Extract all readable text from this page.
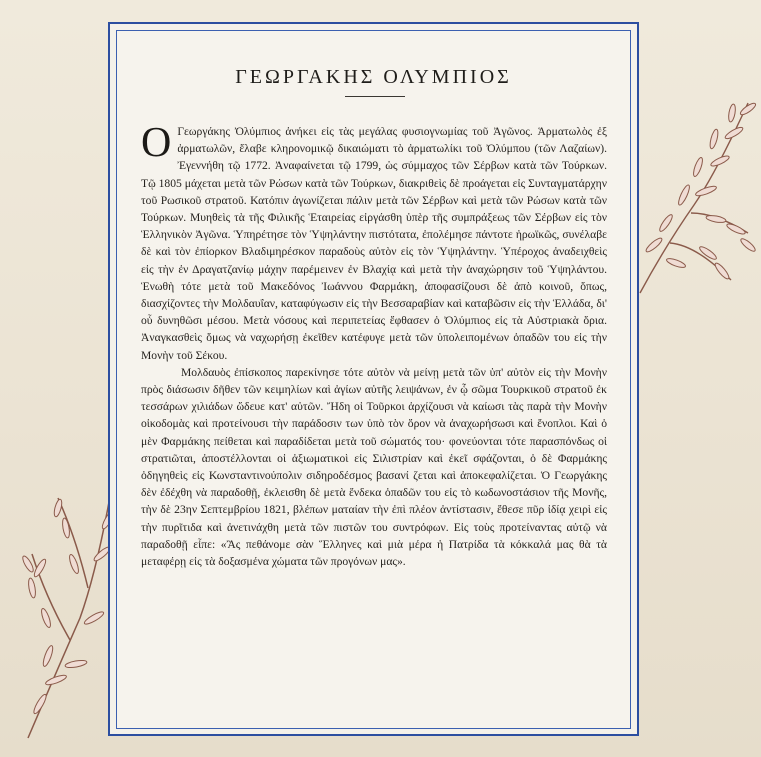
ΓΕΩΡΓΑΚΗΣ ΟΛΥΜΠΙΟΣ

Ο Γεωργάκης Ὀλύμπιος ἀνήκει εἰς τὰς μεγάλας φυσιογνωμίας τοῦ Ἀγῶνος. Ἁρματωλὸς ἐξ ἁρματωλῶν, ἔλαβε κληρονομικῷ δικαιώματι τὸ ἁρματωλίκι τοῦ Ὀλύμπου (τῶν Λαζαίων). Ἐγεννήθη τῷ 1772. Ἀναφαίνεται τῷ 1799, ὡς σύμμαχος τῶν Σέρβων κατὰ τῶν Τούρκων. Τῷ 1805 μάχεται μετὰ τῶν Ρώσων κατὰ τῶν Τούρκων, διακριθεὶς δὲ προάγεται εἰς Συνταγματάρχην τοῦ Ρωσικοῦ στρατοῦ. Κατόπιν ἀγωνίζεται πάλιν μετὰ τῶν Σέρβων καὶ μετὰ τῶν Ρώσων κατὰ τῶν Τούρκων. Μυηθεὶς τὰ τῆς Φιλικῆς Ἑταιρείας εἰργάσθη ὑπὲρ τῆς συμπράξεως τῶν Σέρβων εἰς τὸν Ἑλληνικὸν Ἀγῶνα. Ὑπηρέτησε τὸν Ὑψηλάντην πιστότατα, ἐπολέμησε πάντοτε ἡρωϊκῶς, συνέλαβε δὲ καὶ τὸν ἐπίορκον Βλαδιμηρέσκον παραδοὺς αὐτὸν εἰς τὸν Ὑψηλάντην. Ὑπέροχος ἀναδειχθεὶς εἰς τὴν ἐν Δραγατζανίῳ μάχην παρέμεινεν ἐν Βλαχίᾳ καὶ μετὰ τὴν ἀναχώρησιν τοῦ Ὑψηλάντου. Ἑνωθὴ τότε μετὰ τοῦ Μακεδόνος Ἰωάννου Φαρμάκη, ἀποφασίζουσι δὲ ἀπὸ κοινοῦ, ὅπως, διασχίζοντες τὴν Μολδαυΐαν, καταφύγωσιν εἰς τὴν Βεσσαραβίαν καὶ καταβῶσιν εἰς τὴν Ἑλλάδα, δι' οὗ δυνηθῶσι μέσου. Μετὰ νόσους καὶ περιπετείας ἔφθασεν ὁ Ὀλύμπιος εἰς τὰ Αὐστριακὰ ὅρια. Ἀναγκασθεὶς ὅμως νὰ ναχωρήσῃ ἐκεῖθεν κατέφυγε μετὰ τῶν ὑπολειπομένων ὀπαδῶν του εἰς τὴν Μονὴν τοῦ Σέκου.

Μολδαυὸς ἐπίσκοπος παρεκίνησε τότε αὐτὸν νὰ μείνῃ μετὰ τῶν ὑπ' αὐτὸν εἰς τὴν Μονὴν πρὸς διάσωσιν δῆθεν τῶν κειμηλίων καὶ ἁγίων αὐτῆς λειψάνων, ἐν ᾧ σῶμα Τουρκικοῦ στρατοῦ ἐκ τεσσάρων χιλιάδων ὥδευε κατ' αὐτῶν. Ἤδη οἱ Τοῦρκοι ἀρχίζουσι νὰ καίωσι τὰς παρὰ τὴν Μονὴν οἰκοδομὰς καὶ προτείνουσι τὴν παράδοσιν των ὑπὸ τὸν ὅρον νὰ ἀναχωρήσωσι καὶ ἔνοπλοι. Καὶ ὁ μὲν Φαρμάκης πείθεται καὶ παραδίδεται μετὰ τοῦ σώματός του· φονεύονται τότε παρασπόνδως οἱ στρατιῶται, ἀποστέλλονται οἱ ἀξιωματικοὶ εἰς Σιλιστρίαν καὶ ἐκεῖ σφάζονται, ὁ δὲ Φαρμάκης ὁδηγηθεὶς εἰς Κωνσταντινούπολιν σιδηροδέσμος βασανί ζεται καὶ ἀποκεφαλίζεται. Ὁ Γεωργάκης δὲν ἐδέχθη νὰ παραδοθῇ, ἐκλεισθη δὲ μετὰ ἕνδεκα ὀπαδῶν του εἰς τὸ κωδωνοστάσιον τῆς Μονῆς, τὴν δὲ 23ην Σεπτεμβρίου 1821, βλέπων ματαίαν τὴν ἐπὶ πλέον ἀντίστασιν, ἔθεσε πῦρ ἰδίᾳ χειρὶ εἰς τὴν πυρῖτιδα καὶ ἀνετινάχθη μετὰ τῶν πιστῶν του συντρόφων. Εἰς τοὺς προτείναντας αὐτῷ νὰ παραδοθῇ εἶπε: «Ἂς πεθάνομε σὰν Ἕλληνες καὶ μιὰ μέρα ἡ Πατρίδα τὰ κόκκαλά μας θὰ τὰ μεταφέρῃ εἰς τὰ δοξασμένα χώματα τῶν προγόνων μας».
